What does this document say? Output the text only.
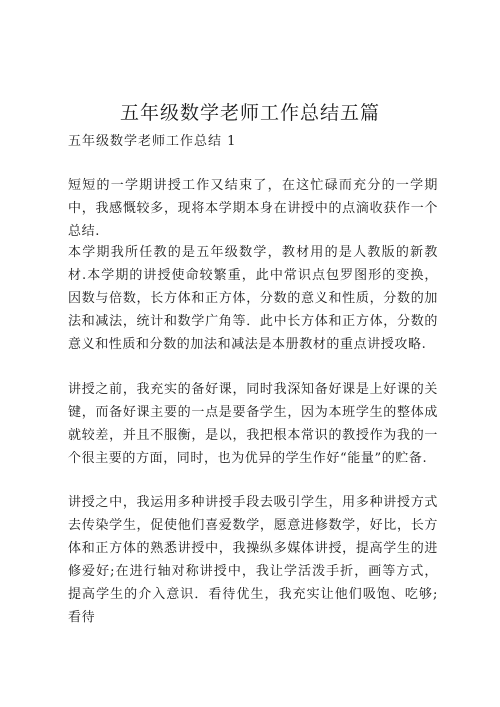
五年级数学老师工作总结五篇

五年级数学老师工作总结 1

短短的一学期讲授工作又结束了，在这忙碌而充分的一学期中，我感慨较多，现将本学期本身在讲授中的点滴收获作一个总结.

本学期我所任教的是五年级数学，教材用的是人教版的新教材.本学期的讲授使命较繁重，此中常识点包罗图形的变换，因数与倍数，长方体和正方体，分数的意义和性质，分数的加法和减法，统计和数学广角等．此中长方体和正方体，分数的意义和性质和分数的加法和减法是本册教材的重点讲授攻略.

讲授之前，我充实的备好课，同时我深知备好课是上好课的关键，而备好课主要的一点是要备学生，因为本班学生的整体成就较差，并且不服衡，是以，我把根本常识的教授作为我的一个很主要的方面，同时，也为优异的学生作好“能量”的贮备.

讲授之中，我运用多种讲授手段去吸引学生，用多种讲授方式去传染学生，促使他们喜爱数学，愿意进修数学，好比，长方体和正方体的熟悉讲授中，我操纵多媒体讲授，提高学生的进修爱好;在进行轴对称讲授中，我让学活泼手折，画等方式，提高学生的介入意识．看待优生，我充实让他们吸饱、吃够;看待
